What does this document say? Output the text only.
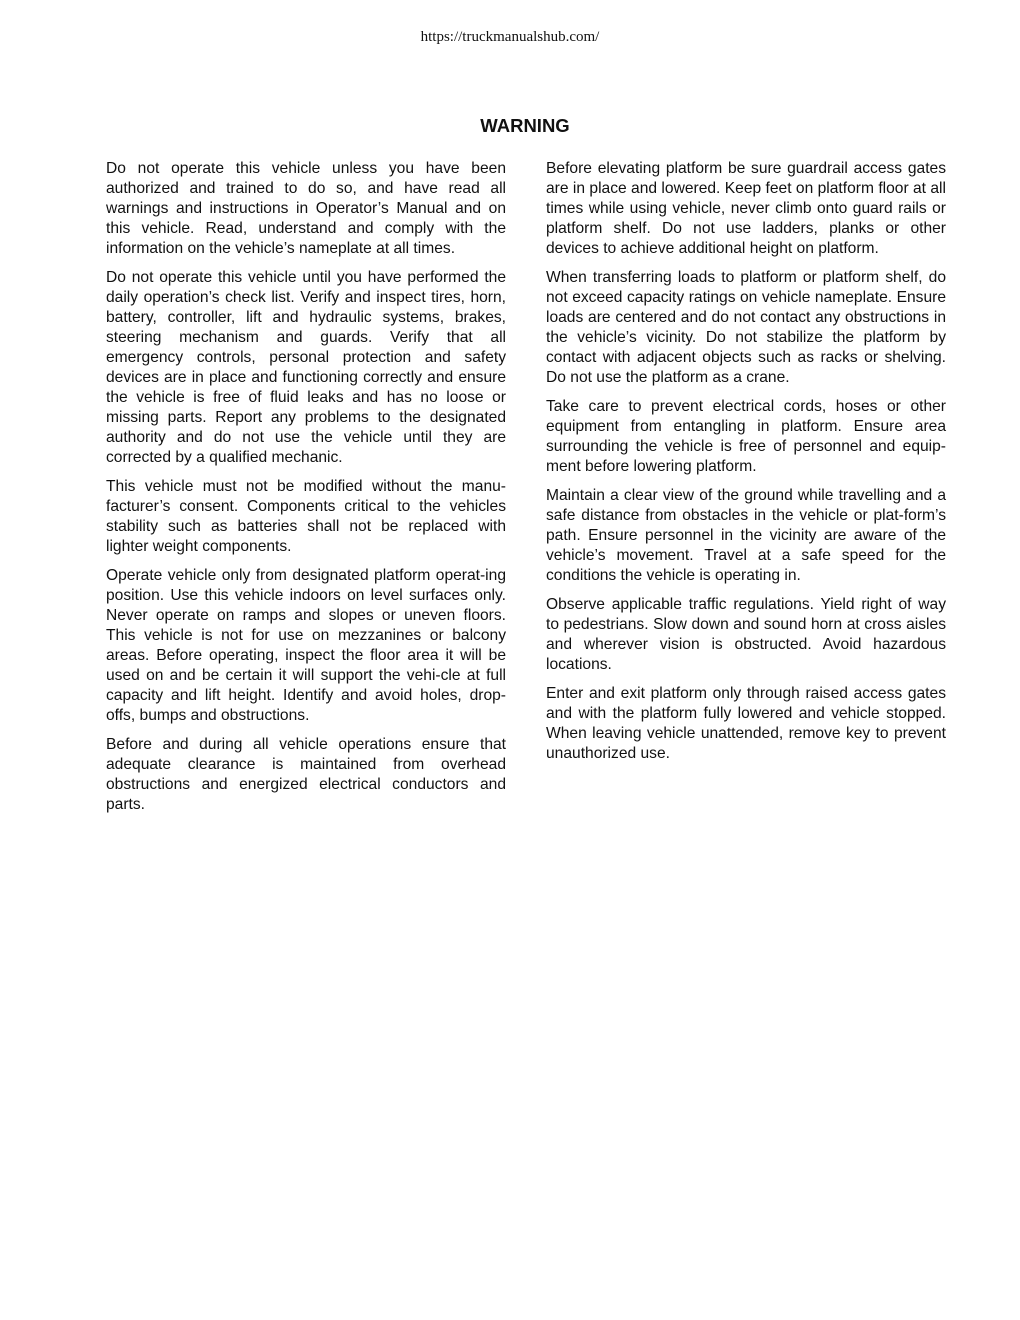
https://truckmanualshub.com/
WARNING

Do not operate this vehicle unless you have been authorized and trained to do so, and have read all warnings and instructions in Operator’s Manual and on this vehicle. Read, understand and comply with the information on the vehicle’s nameplate at all times.

Do not operate this vehicle until you have performed the daily operation’s check list. Verify and inspect tires, horn, battery, controller, lift and hydraulic systems, brakes, steering mechanism and guards. Verify that all emergency controls, personal protection and safety devices are in place and functioning correctly and ensure the vehicle is free of fluid leaks and has no loose or missing parts. Report any problems to the designated authority and do not use the vehicle until they are corrected by a qualified mechanic.

This vehicle must not be modified without the manu-facturer’s consent. Components critical to the vehicles stability such as batteries shall not be replaced with lighter weight components.

Operate vehicle only from designated platform operat-ing position. Use this vehicle indoors on level surfaces only. Never operate on ramps and slopes or uneven floors. This vehicle is not for use on mezzanines or balcony areas. Before operating, inspect the floor area it will be used on and be certain it will support the vehi-cle at full capacity and lift height. Identify and avoid holes, drop-offs, bumps and obstructions.

Before and during all vehicle operations ensure that adequate clearance is maintained from overhead obstructions and energized electrical conductors and parts.

Before elevating platform be sure guardrail access gates are in place and lowered. Keep feet on platform floor at all times while using vehicle, never climb onto guard rails or platform shelf. Do not use ladders, planks or other devices to achieve additional height on platform.

When transferring loads to platform or platform shelf, do not exceed capacity ratings on vehicle nameplate. Ensure loads are centered and do not contact any obstructions in the vehicle’s vicinity. Do not stabilize the platform by contact with adjacent objects such as racks or shelving. Do not use the platform as a crane.

Take care to prevent electrical cords, hoses or other equipment from entangling in platform. Ensure area surrounding the vehicle is free of personnel and equip-ment before lowering platform.

Maintain a clear view of the ground while travelling and a safe distance from obstacles in the vehicle or plat-form’s path. Ensure personnel in the vicinity are aware of the vehicle’s movement. Travel at a safe speed for the conditions the vehicle is operating in.

Observe applicable traffic regulations. Yield right of way to pedestrians. Slow down and sound horn at cross aisles and wherever vision is obstructed. Avoid hazardous locations.

Enter and exit platform only through raised access gates and with the platform fully lowered and vehicle stopped. When leaving vehicle unattended, remove key to prevent unauthorized use.
